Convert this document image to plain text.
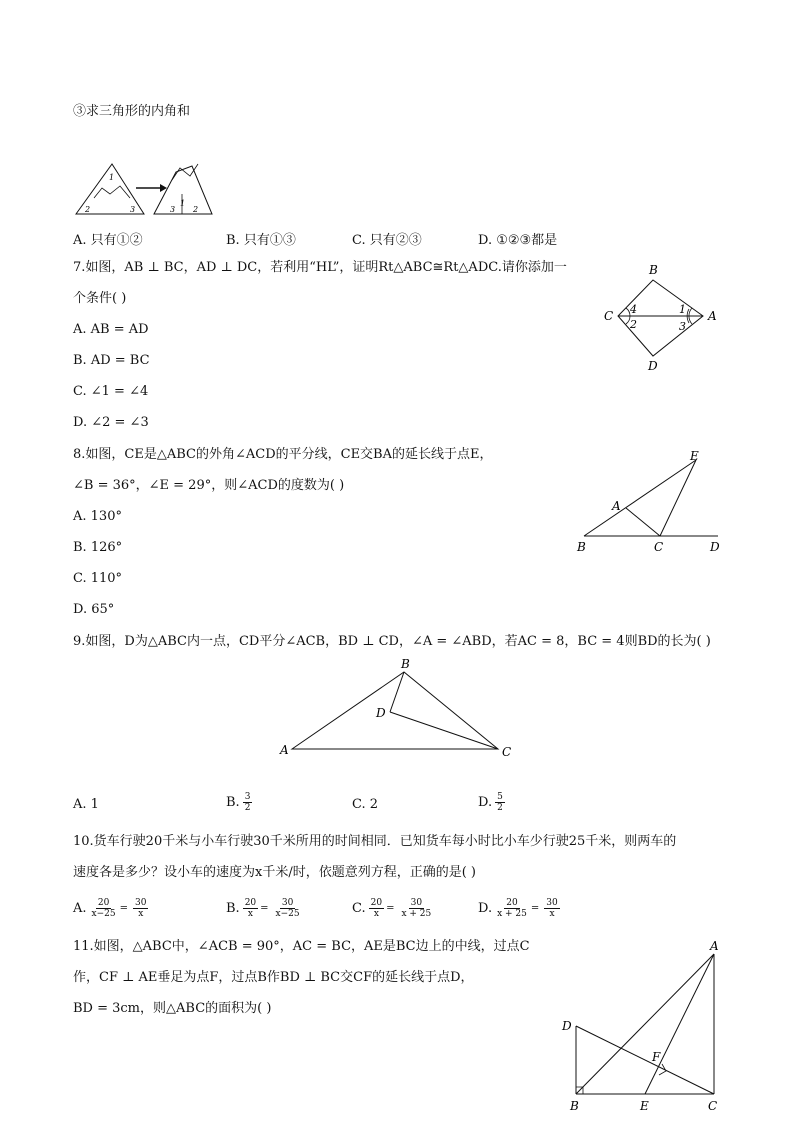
③求三角形的内角和
1
2	3	3
1
2
A. 只有①②	B. 只有①③	C. 只有②③	D. ①②③都是
7.如图，AB ⊥ BC，AD ⊥ DC，若利用“HL”，证明Rt△ABC≅Rt△ADC.请你添加一
个条件( )
A. AB = AD
B. AD = BC
C. ∠1 = ∠4
D. ∠2 = ∠3
B
C	A
D
4
2
1
3
8.如图，CE是△ABC的外角∠ACD的平分线，CE交BA的延长线于点E，
∠B = 36°，∠E = 29°，则∠ACD的度数为( )
A. 130°
B. 126°
C. 110°
D. 65°
E
A
B	C	D
9.如图，D为△ABC内一点，CD平分∠ACB，BD ⊥ CD，∠A = ∠ABD，若AC = 8，BC = 4则BD的长为( )
B
D
A	C
A. 1	B. $\frac{3}{2}$	C. 2	D. $\frac{5}{2}$
10.货车行驶20千米与小车行驶30千米所用的时间相同．已知货车每小时比小车少行驶25千米，则两车的
速度各是多少？设小车的速度为x千米/时，依题意列方程，正确的是( )
A. $\frac{20}{x-25} = \frac{30}{x}$	B. $\frac{20}{x} = \frac{30}{x-25}$	C. $\frac{20}{x} = \frac{30}{x + 25}$	D. $\frac{20}{x + 25} = \frac{30}{x}$
11.如图，△ABC中，∠ACB = 90°，AC = BC，AE是BC边上的中线，过点C
作，CF ⊥ AE垂足为点F，过点B作BD ⊥ BC交CF的延长线于点D，
BD = 3cm，则△ABC的面积为( )
A
D
F
B	E	C
